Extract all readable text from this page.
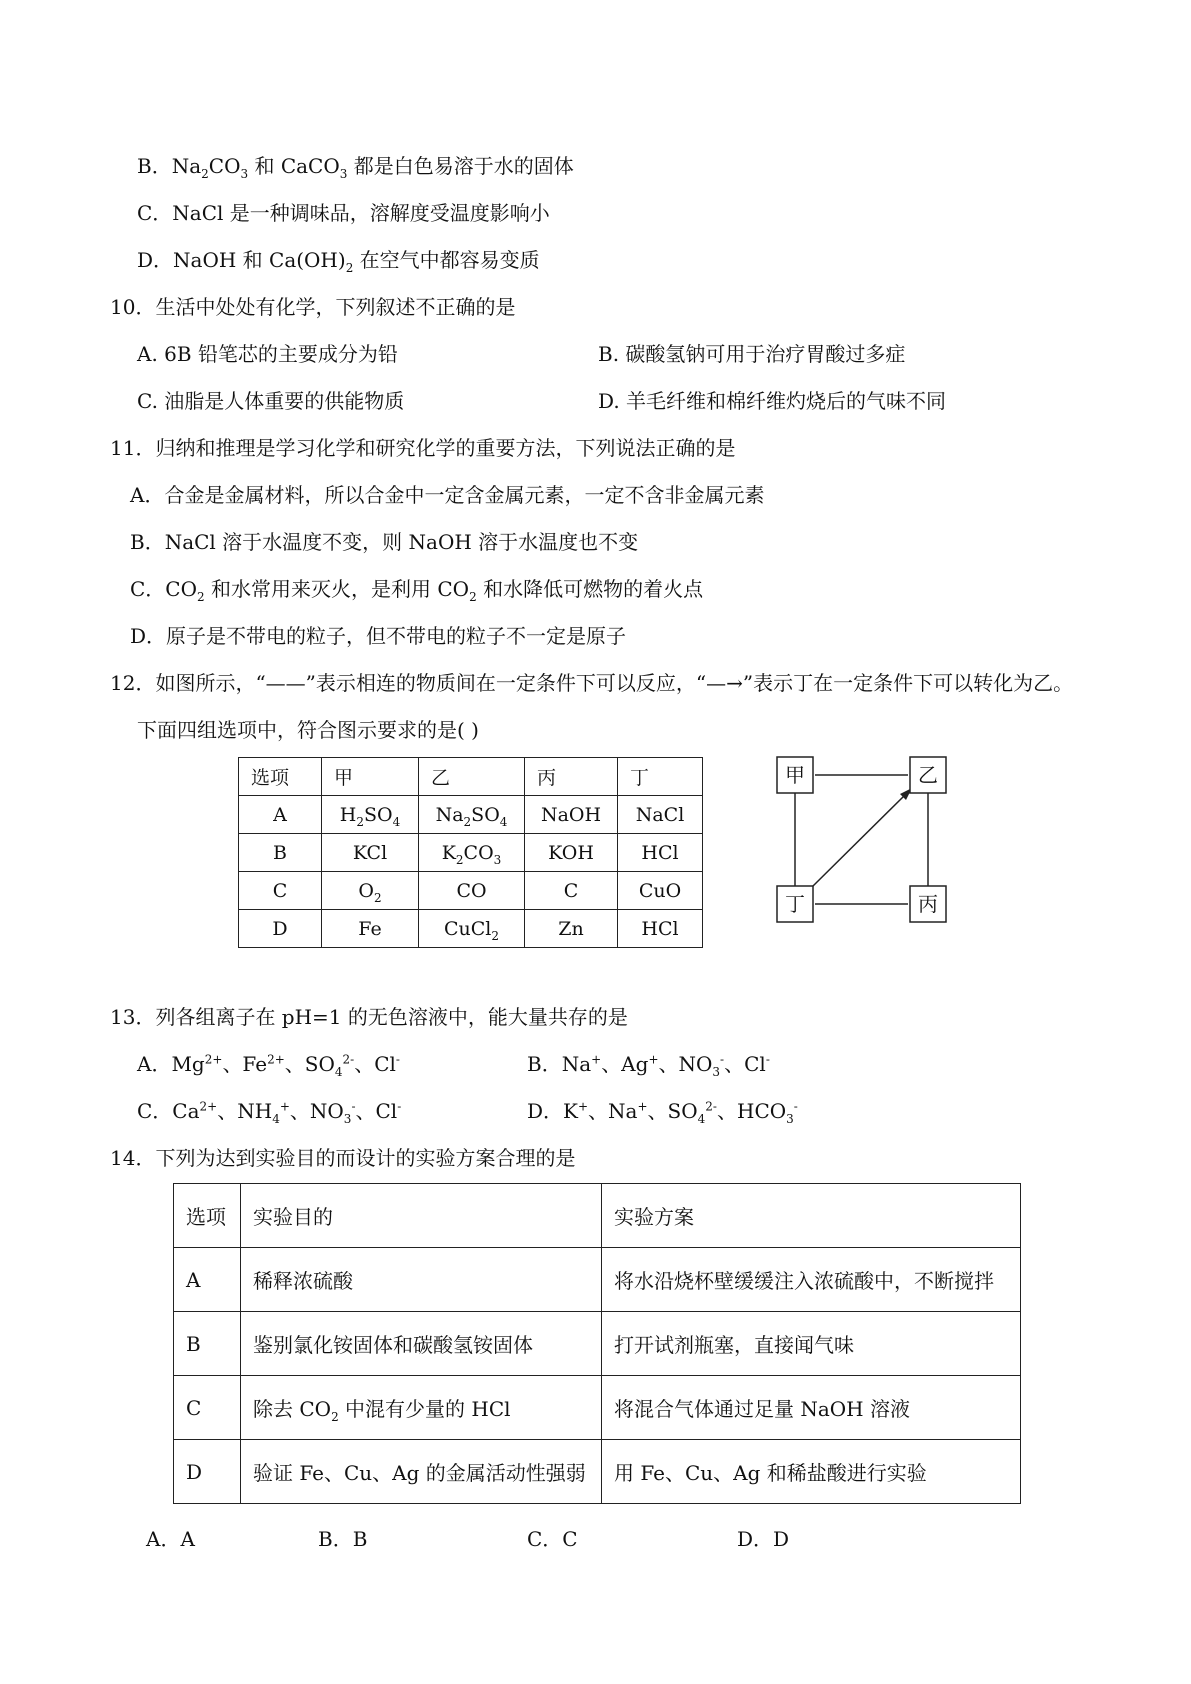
B．$Na_2CO_3$ 和 CaCO$_3$ 都是白色易溶于水的固体
C．NaCl 是一种调味品，溶解度受温度影响小
D．NaOH 和 $Ca(OH)_2$ 在空气中都容易变质
10．生活中处处有化学，下列叙述不正确的是
A. 6B 铅笔芯的主要成分为铅	B. 碳酸氢钠可用于治疗胃酸过多症
C. 油脂是人体重要的供能物质	D. 羊毛纤维和棉纤维灼烧后的气味不同
11．归纳和推理是学习化学和研究化学的重要方法，下列说法正确的是
A．合金是金属材料，所以合金中一定含金属元素，一定不含非金属元素
B．NaCl 溶于水温度不变，则 NaOH 溶于水温度也不变
C．$CO_2$ 和水常用来灭火，是利用 $CO_2$ 和水降低可燃物的着火点
D．原子是不带电的粒子，但不带电的粒子不一定是原子
12．如图所示，“——”表示相连的物质间在一定条件下可以反应，“—→”表示丁在一定条件下可以转化为乙。
下面四组选项中，符合图示要求的是( )
选项	甲	乙	丙	丁
A	$H_2SO_4$	$Na_2SO_4$	NaOH	NaCl
B	KCl	$K_2CO_3$	KOH	HCl
C	$O_2$	CO	C	CuO
D	Fe	CuCl$_2$	Zn	HCl
甲	乙
丁	丙
13．列各组离子在 pH=1 的无色溶液中，能大量共存的是
A．$Mg^{2+}$、$Fe^{2+}$、$SO_4^{2-}$、Cl-	B．Na+、Ag+、$NO_3^-$、Cl-
C．$Ca^{2+}$、$NH_4^+$、$NO_3^-$、Cl-	D．K+、Na+、$SO_4^{2-}$、$HCO_3^-$
14．下列为达到实验目的而设计的实验方案合理的是
选项	实验目的	实验方案
A	稀释浓硫酸	将水沿烧杯壁缓缓注入浓硫酸中，不断搅拌
B	鉴别氯化铵固体和碳酸氢铵固体	打开试剂瓶塞，直接闻气味
C	除去 $CO_2$ 中混有少量的 HCl	将混合气体通过足量 NaOH 溶液
D	验证 Fe、Cu、Ag 的金属活动性强弱	用 Fe、Cu、Ag 和稀盐酸进行实验
A．A	B．B	C．C	D．D
